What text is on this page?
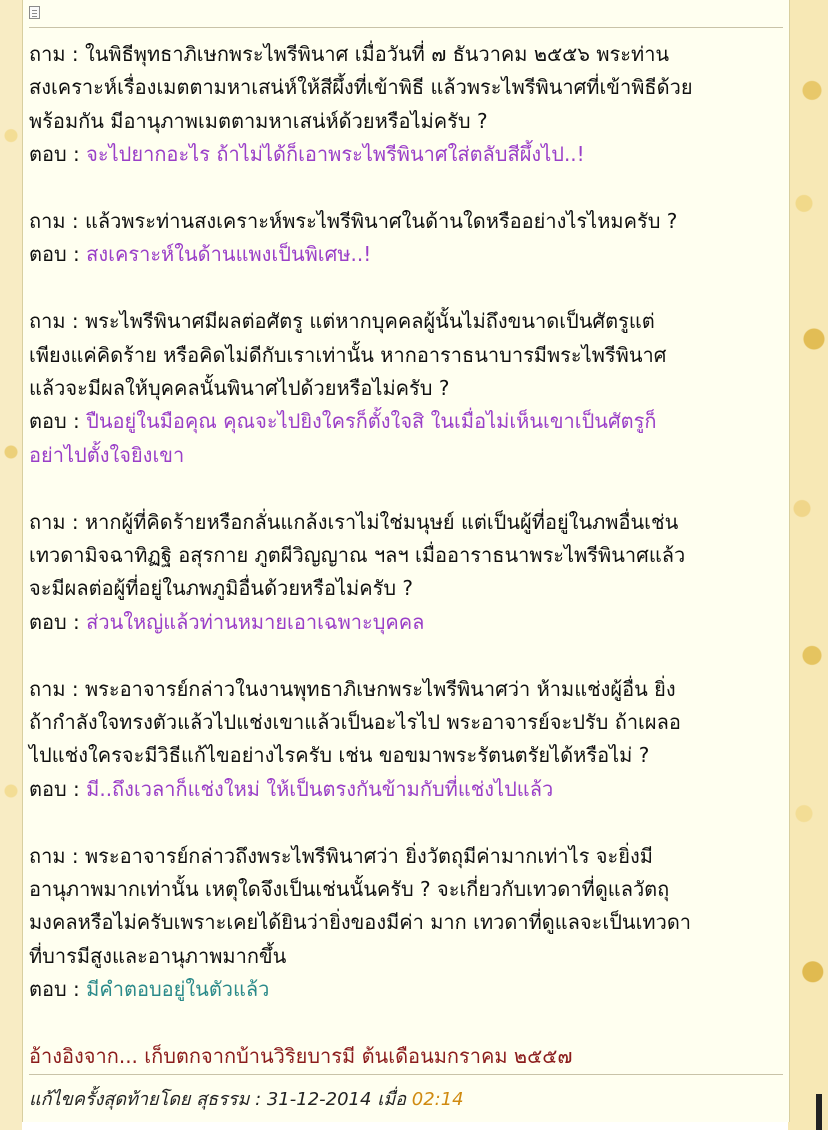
ถาม : ในพิธีพุทธาภิเษกพระไพรีพินาศ เมื่อวันที่ ๗ ธันวาคม ๒๕๕๖ พระท่าน
สงเคราะห์เรื่องเมตตามหาเสน่ห์ให้สีผึ้งที่เข้าพิธี แล้วพระไพรีพินาศที่เข้าพิธีด้วย
พร้อมกัน มีอานุภาพเมตตามหาเสน่ห์ด้วยหรือไม่ครับ ?
ตอบ : จะไปยากอะไร ถ้าไม่ได้ก็เอาพระไพรีพินาศใส่ตลับสีผึ้งไป..!
ถาม : แล้วพระท่านสงเคราะห์พระไพรีพินาศในด้านใดหรืออย่างไรไหมครับ ?
ตอบ : สงเคราะห์ในด้านแพงเป็นพิเศษ..!
ถาม : พระไพรีพินาศมีผลต่อศัตรู แต่หากบุคคลผู้นั้นไม่ถึงขนาดเป็นศัตรูแต่
เพียงแค่คิดร้าย หรือคิดไม่ดีกับเราเท่านั้น หากอาราธนาบารมีพระไพรีพินาศ
แล้วจะมีผลให้บุคคลนั้นพินาศไปด้วยหรือไม่ครับ ?
ตอบ : ปืนอยู่ในมือคุณ คุณจะไปยิงใครก็ตั้งใจสิ ในเมื่อไม่เห็นเขาเป็นศัตรูก็
อย่าไปตั้งใจยิงเขา
ถาม : หากผู้ที่คิดร้ายหรือกลั่นแกล้งเราไม่ใช่มนุษย์ แต่เป็นผู้ที่อยู่ในภพอื่นเช่น
เทวดามิจฉาทิฏฐิ อสุรกาย ภูตผีวิญญาณ ฯลฯ เมื่ออาราธนาพระไพรีพินาศแล้ว
จะมีผลต่อผู้ที่อยู่ในภพภูมิอื่นด้วยหรือไม่ครับ ?
ตอบ : ส่วนใหญ่แล้วท่านหมายเอาเฉพาะบุคคล
ถาม : พระอาจารย์กล่าวในงานพุทธาภิเษกพระไพรีพินาศว่า ห้ามแช่งผู้อื่น ยิ่ง
ถ้ากำลังใจทรงตัวแล้วไปแช่งเขาแล้วเป็นอะไรไป พระอาจารย์จะปรับ ถ้าเผลอ
ไปแช่งใครจะมีวิธีแก้ไขอย่างไรครับ เช่น ขอขมาพระรัตนตรัยได้หรือไม่ ?
ตอบ : มี..ถึงเวลาก็แช่งใหม่ ให้เป็นตรงกันข้ามกับที่แช่งไปแล้ว
ถาม : พระอาจารย์กล่าวถึงพระไพรีพินาศว่า ยิ่งวัตถุมีค่ามากเท่าไร จะยิ่งมี
อานุภาพมากเท่านั้น เหตุใดจึงเป็นเช่นนั้นครับ ? จะเกี่ยวกับเทวดาที่ดูแลวัตถุ
มงคลหรือไม่ครับเพราะเคยได้ยินว่ายิ่งของมีค่า มาก เทวดาที่ดูแลจะเป็นเทวดา
ที่บารมีสูงและอานุภาพมากขึ้น
ตอบ : มีคำตอบอยู่ในตัวแล้ว
อ้างอิงจาก... เก็บตกจากบ้านวิริยบารมี ต้นเดือนมกราคม ๒๕๕๗
แก้ไขครั้งสุดท้ายโดย สุธรรม : 31-12-2014 เมื่อ 02:14
